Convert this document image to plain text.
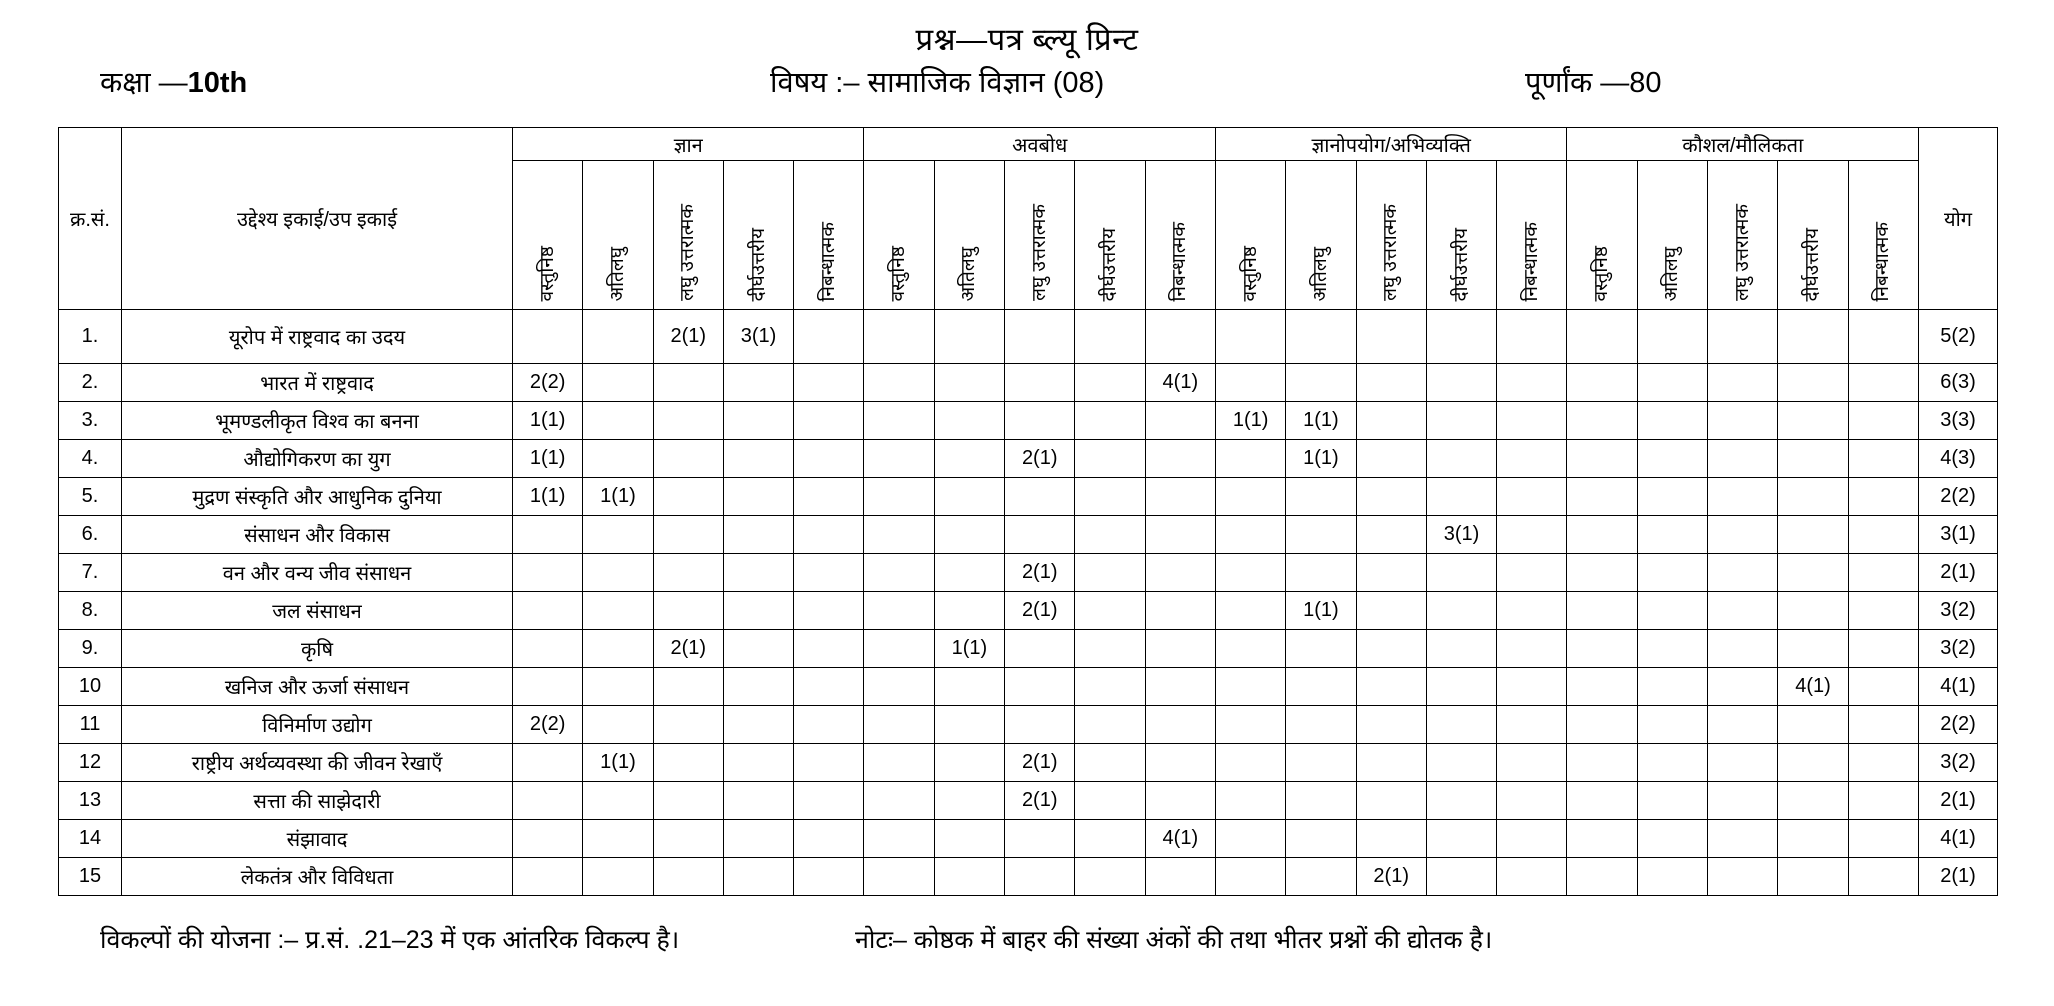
प्रश्न—पत्र ब्ल्यू प्रिन्ट
कक्षा —10th	विषय :– सामाजिक विज्ञान (08)	पूर्णांक —80
क्र.सं.	उद्देश्य इकाई/उप इकाई	ज्ञान					अवबोध					ज्ञानोपयोग/अभिव्यक्ति					कौशल/मौलिकता					योग

		वस्तुनिष्ठ	अतिलघु	लघु उत्तरात्मक	दीर्घउत्तरीय	निबन्धात्मक	वस्तुनिष्ठ	अतिलघु	लघु उत्तरात्मक	दीर्घउत्तरीय	निबन्धात्मक	वस्तुनिष्ठ	अतिलघु	लघु उत्तरात्मक	दीर्घउत्तरीय	निबन्धात्मक	वस्तुनिष्ठ	अतिलघु	लघु उत्तरात्मक	दीर्घउत्तरीय	निबन्धात्मक	

1.	यूरोप में राष्ट्रवाद का उदय			2(1)	3(1)																	5(2)
2.	भारत में राष्ट्रवाद	2(2)									4(1)											6(3)
3.	भूमण्डलीकृत विश्व का बनना	1(1)										1(1)	1(1)									3(3)
4.	औद्योगिकरण का युग	1(1)							2(1)				1(1)									4(3)
5.	मुद्रण संस्कृति और आधुनिक दुनिया	1(1)	1(1)																			2(2)
6.	संसाधन और विकास														3(1)							3(1)
7.	वन और वन्य जीव संसाधन								2(1)													2(1)
8.	जल संसाधन								2(1)				1(1)									3(2)
9.	कृषि			2(1)				1(1)														3(2)
10	खनिज और ऊर्जा संसाधन																			4(1)		4(1)
11	विनिर्माण उद्योग	2(2)																				2(2)
12	राष्ट्रीय अर्थव्यवस्था की जीवन रेखाएँ		1(1)						2(1)													3(2)
13	सत्ता की साझेदारी								2(1)													2(1)
14	संझावाद										4(1)											4(1)
15	लेकतंत्र और विविधता													2(1)								2(1)
विकल्पों की योजना :– प्र.सं. .21–23 में एक आंतरिक विकल्प है।	नोटः– कोष्ठक में बाहर की संख्या अंकों की तथा भीतर प्रश्नों की द्योतक है।
